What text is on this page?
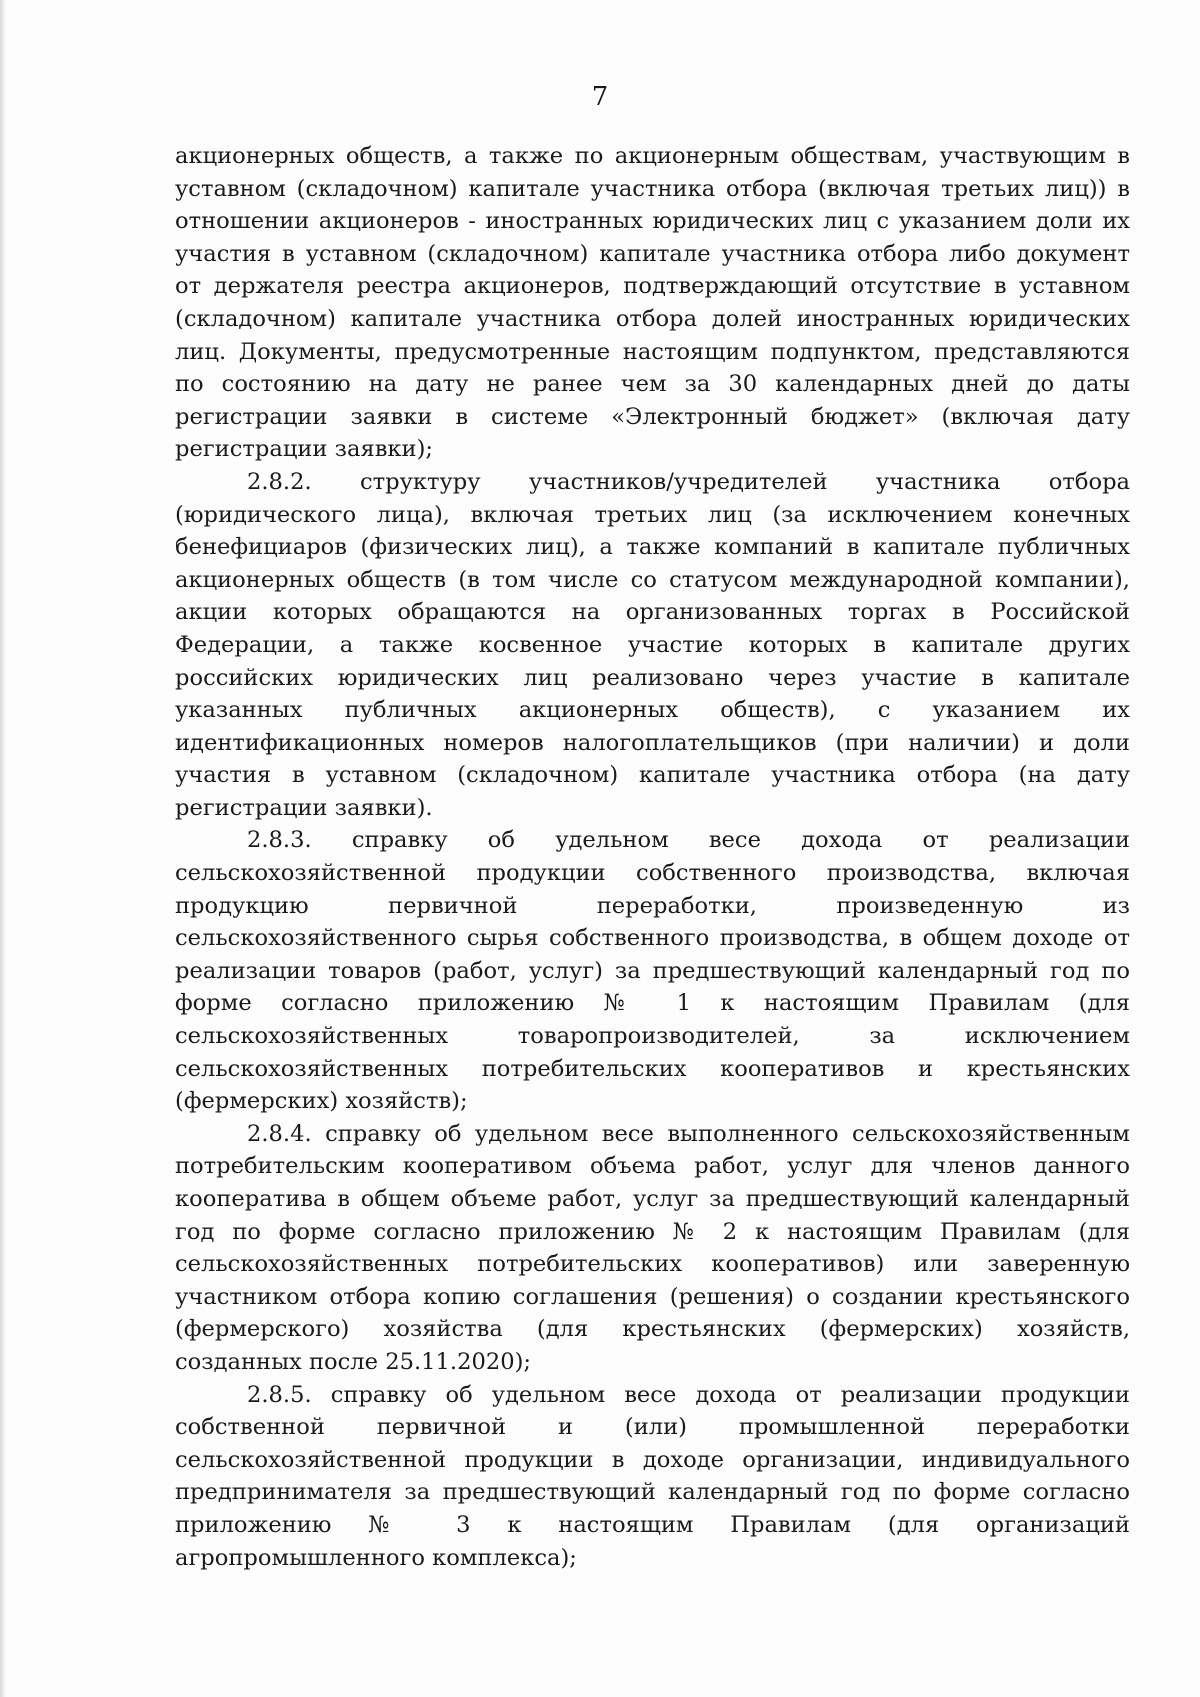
7
акционерных обществ, а также по акционерным обществам, участвующим в
уставном (складочном) капитале участника отбора (включая третьих лиц)) в
отношении акционеров - иностранных юридических лиц с указанием доли их
участия в уставном (складочном) капитале участника отбора либо документ
от держателя реестра акционеров, подтверждающий отсутствие в уставном
(складочном) капитале участника отбора долей иностранных юридических
лиц. Документы, предусмотренные настоящим подпунктом, представляются
по состоянию на дату не ранее чем за 30 календарных дней до даты
регистрации заявки в системе «Электронный бюджет» (включая дату
регистрации заявки);
2.8.2. структуру участников/учредителей участника отбора
(юридического лица), включая третьих лиц (за исключением конечных
бенефициаров (физических лиц), а также компаний в капитале публичных
акционерных обществ (в том числе со статусом международной компании),
акции которых обращаются на организованных торгах в Российской
Федерации, а также косвенное участие которых в капитале других
российских юридических лиц реализовано через участие в капитале
указанных публичных акционерных обществ), с указанием их
идентификационных номеров налогоплательщиков (при наличии) и доли
участия в уставном (складочном) капитале участника отбора (на дату
регистрации заявки).
2.8.3. справку об удельном весе дохода от реализации
сельскохозяйственной продукции собственного производства, включая
продукцию первичной переработки, произведенную из
сельскохозяйственного сырья собственного производства, в общем доходе от
реализации товаров (работ, услуг) за предшествующий календарный год по
форме согласно приложению № 1 к настоящим Правилам (для
сельскохозяйственных товаропроизводителей, за исключением
сельскохозяйственных потребительских кооперативов и крестьянских
(фермерских) хозяйств);
2.8.4. справку об удельном весе выполненного сельскохозяйственным
потребительским кооперативом объема работ, услуг для членов данного
кооператива в общем объеме работ, услуг за предшествующий календарный
год по форме согласно приложению № 2 к настоящим Правилам (для
сельскохозяйственных потребительских кооперативов) или заверенную
участником отбора копию соглашения (решения) о создании крестьянского
(фермерского) хозяйства (для крестьянских (фермерских) хозяйств,
созданных после 25.11.2020);
2.8.5. справку об удельном весе дохода от реализации продукции
собственной первичной и (или) промышленной переработки
сельскохозяйственной продукции в доходе организации, индивидуального
предпринимателя за предшествующий календарный год по форме согласно
приложению № 3 к настоящим Правилам (для организаций
агропромышленного комплекса);
